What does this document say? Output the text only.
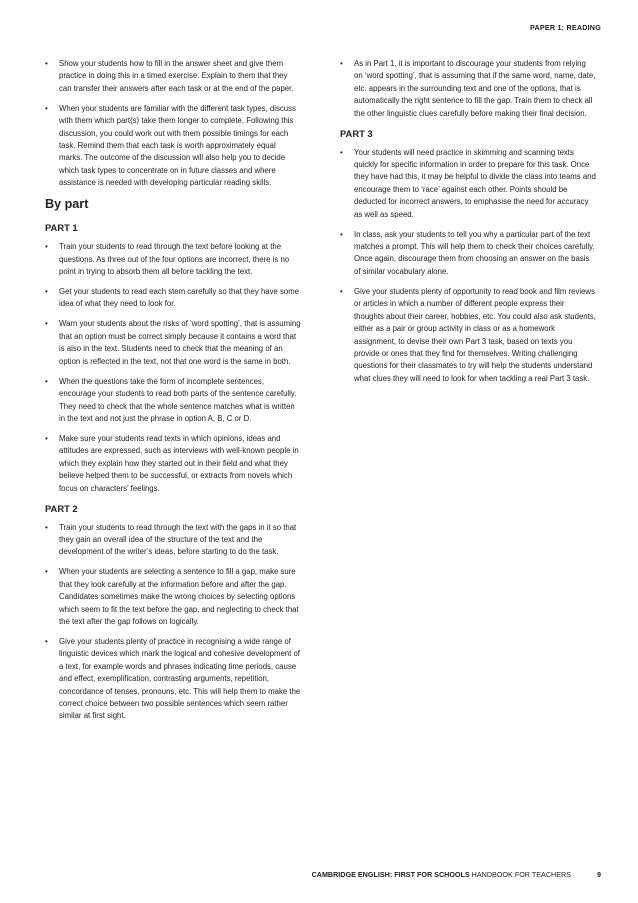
PAPER 1: READING
• Show your students how to fill in the answer sheet and give them practice in doing this in a timed exercise. Explain to them that they can transfer their answers after each task or at the end of the paper.
• When your students are familiar with the different task types, discuss with them which part(s) take them longer to complete. Following this discussion, you could work out with them possible timings for each task. Remind them that each task is worth approximately equal marks. The outcome of the discussion will also help you to decide which task types to concentrate on in future classes and where assistance is needed with developing particular reading skills.
By part
PART 1
• Train your students to read through the text before looking at the questions. As three out of the four options are incorrect, there is no point in trying to absorb them all before tackling the text.
• Get your students to read each stem carefully so that they have some idea of what they need to look for.
• Warn your students about the risks of ‘word spotting’, that is assuming that an option must be correct simply because it contains a word that is also in the text. Students need to check that the meaning of an option is reflected in the text, not that one word is the same in both.
• When the questions take the form of incomplete sentences, encourage your students to read both parts of the sentence carefully. They need to check that the whole sentence matches what is written in the text and not just the phrase in option A, B, C or D.
• Make sure your students read texts in which opinions, ideas and attitudes are expressed, such as interviews with well-known people in which they explain how they started out in their field and what they believe helped them to be successful, or extracts from novels which focus on characters’ feelings.
PART 2
• Train your students to read through the text with the gaps in it so that they gain an overall idea of the structure of the text and the development of the writer’s ideas, before starting to do the task.
• When your students are selecting a sentence to fill a gap, make sure that they look carefully at the information before and after the gap. Candidates sometimes make the wrong choices by selecting options which seem to fit the text before the gap, and neglecting to check that the text after the gap follows on logically.
• Give your students plenty of practice in recognising a wide range of linguistic devices which mark the logical and cohesive development of a text, for example words and phrases indicating time periods, cause and effect, exemplification, contrasting arguments, repetition, concordance of tenses, pronouns, etc. This will help them to make the correct choice between two possible sentences which seem rather similar at first sight.
• As in Part 1, it is important to discourage your students from relying on ‘word spotting’, that is assuming that if the same word, name, date, etc. appears in the surrounding text and one of the options, that is automatically the right sentence to fill the gap. Train them to check all the other linguistic clues carefully before making their final decision.
PART 3
• Your students will need practice in skimming and scanning texts quickly for specific information in order to prepare for this task. Once they have had this, it may be helpful to divide the class into teams and encourage them to ‘race’ against each other. Points should be deducted for incorrect answers, to emphasise the need for accuracy as well as speed.
• In class, ask your students to tell you why a particular part of the text matches a prompt. This will help them to check their choices carefully. Once again, discourage them from choosing an answer on the basis of similar vocabulary alone.
• Give your students plenty of opportunity to read book and film reviews or articles in which a number of different people express their thoughts about their career, hobbies, etc. You could also ask students, either as a pair or group activity in class or as a homework assignment, to devise their own Part 3 task, based on texts you provide or ones that they find for themselves. Writing challenging questions for their classmates to try will help the students understand what clues they will need to look for when tackling a real Part 3 task.
CAMBRIDGE ENGLISH: FIRST FOR SCHOOLS HANDBOOK FOR TEACHERS	9
